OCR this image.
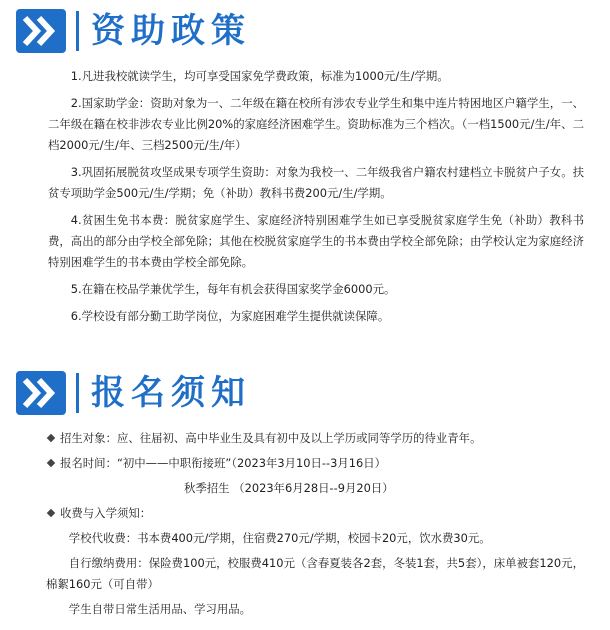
资助政策

1.凡进我校就读学生，均可享受国家免学费政策，标准为1000元/生/学期。

2.国家助学金：资助对象为一、二年级在籍在校所有涉农专业学生和集中连片特困地区户籍学生，一、二年级在籍在校非涉农专业比例20%的家庭经济困难学生。资助标准为三个档次。（一档1500元/生/年、二档2000元/生/年、三档2500元/生/年）

3.巩固拓展脱贫攻坚成果专项学生资助：对象为我校一、二年级我省户籍农村建档立卡脱贫户子女。扶贫专项助学金500元/生/学期；免（补助）教科书费200元/生/学期。

4.贫困生免书本费：脱贫家庭学生、家庭经济特别困难学生如已享受脱贫家庭学生免（补助）教科书费，高出的部分由学校全部免除；其他在校脱贫家庭学生的书本费由学校全部免除；由学校认定为家庭经济特别困难学生的书本费由学校全部免除。

5.在籍在校品学兼优学生，每年有机会获得国家奖学金6000元。

6.学校设有部分勤工助学岗位，为家庭困难学生提供就读保障。

报名须知
招生对象：应、往届初、高中毕业生及具有初中及以上学历或同等学历的待业青年。
报名时间：“初中——中职衔接班”（2023年3月10日--3月16日）
秋季招生 （2023年6月28日--9月20日）
收费与入学须知：

学校代收费：书本费400元/学期，住宿费270元/学期，校园卡20元，饮水费30元。

自行缴纳费用：保险费100元，校服费410元（含春夏装各2套，冬装1套，共5套），床单被套120元，棉絮160元（可自带）

学生自带日常生活用品、学习用品。
